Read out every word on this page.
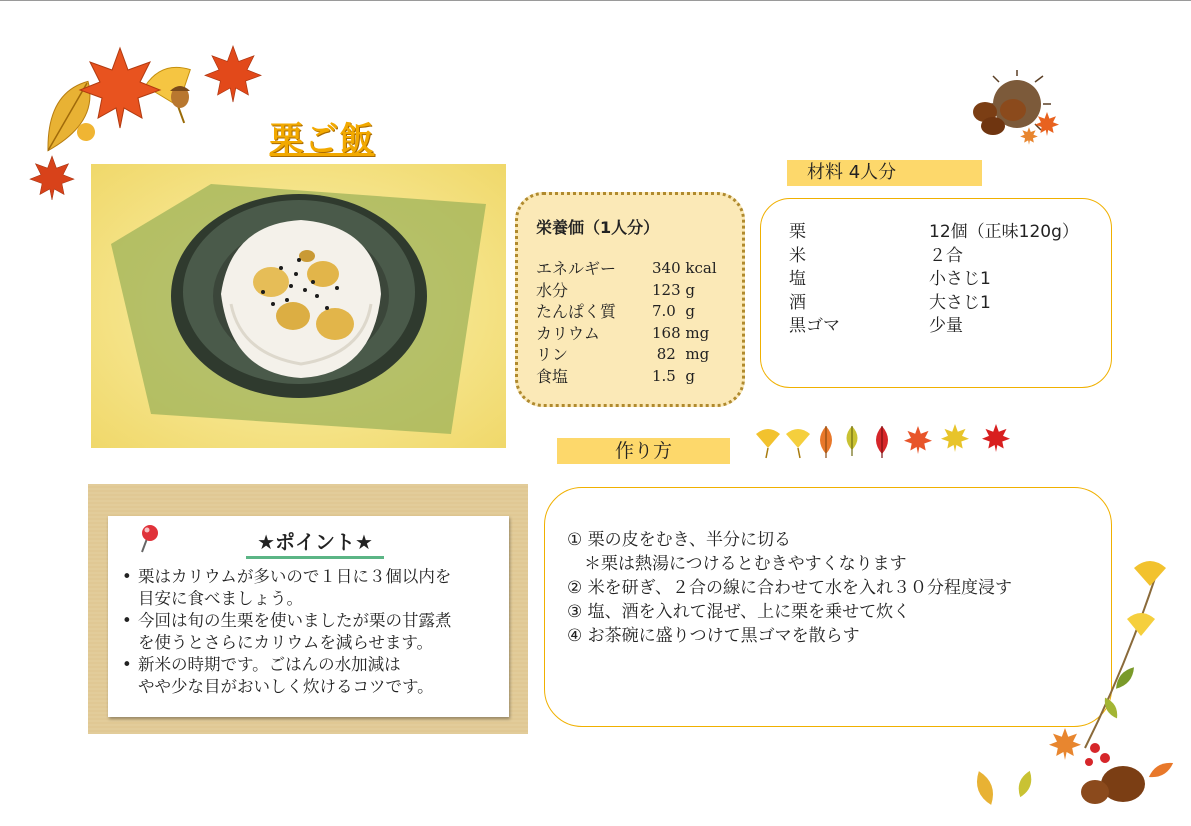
栗ご飯
栄養価（1人分）
エネルギー	340 kcal
水分	123 g
たんぱく質	7.0  g
カリウム	168 mg
リン	82  mg
食塩	1.5  g
材料 4人分
栗	12個（正味120g）
米	２合
塩	小さじ1
酒	大さじ1
黒ゴマ	少量
作り方
① 栗の皮をむき、半分に切る
　＊栗は熱湯につけるとむきやすくなります
② 米を研ぎ、２合の線に合わせて水を入れ３０分程度浸す
③ 塩、酒を入れて混ぜ、上に栗を乗せて炊く
④ お茶碗に盛りつけて黒ゴマを散らす
★ポイント★
• 栗はカリウムが多いので１日に３個以内を
目安に食べましょう。
• 今回は旬の生栗を使いましたが栗の甘露煮
を使うとさらにカリウムを減らせます。
• 新米の時期です。ごはんの水加減は
やや少な目がおいしく炊けるコツです。
